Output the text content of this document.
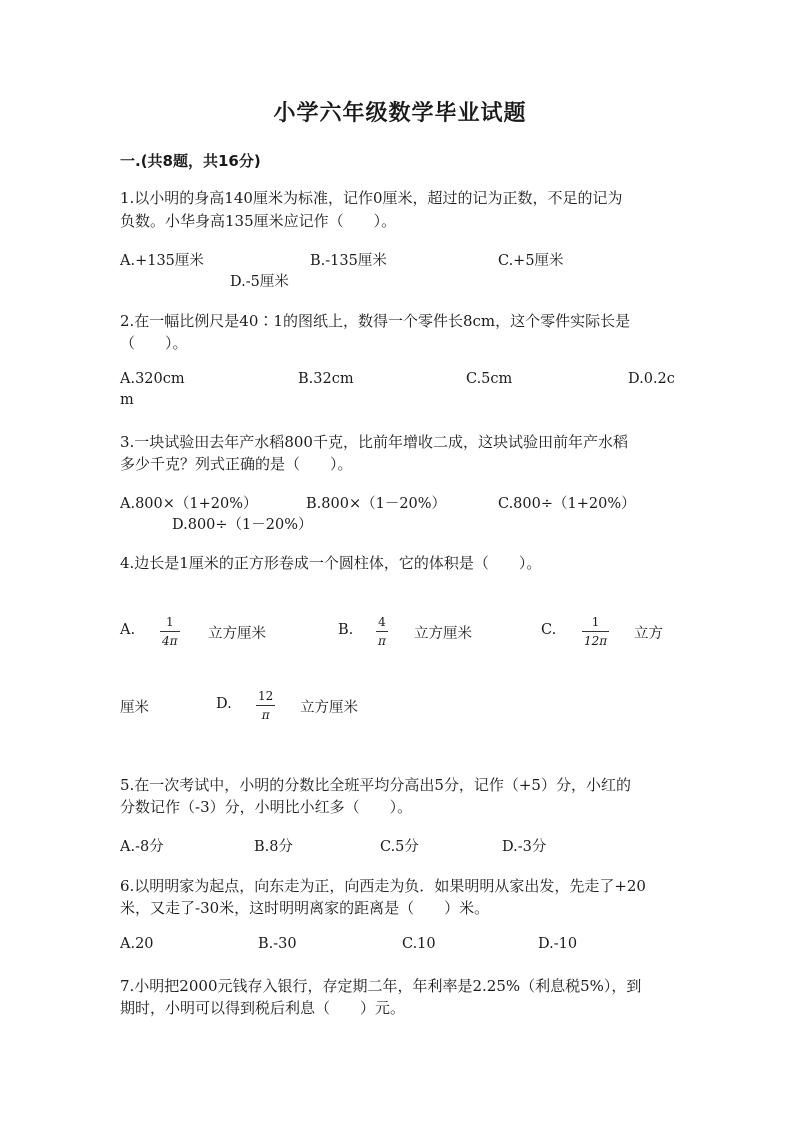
小学六年级数学毕业试题
一.(共8题，共16分)
1.以小明的身高140厘米为标准，记作0厘米，超过的记为正数，不足的记为
负数。小华身高135厘米应记作（　　）。
A.+135厘米	B.-135厘米	C.+5厘米
D.-5厘米
2.在一幅比例尺是40∶1的图纸上，数得一个零件长8cm，这个零件实际长是
（　　）。
A.320cm	B.32cm	C.5cm	D.0.2c
m
3.一块试验田去年产水稻800千克，比前年增收二成，这块试验田前年产水稻
多少千克？列式正确的是（　　）。
A.800×（1+20%）	B.800×（1－20%）	C.800÷（1+20%）
D.800÷（1－20%）
4.边长是1厘米的正方形卷成一个圆柱体，它的体积是（　　）。
A.	1
4π 立方厘米	B. 4
π 立方厘米	C.	1
12π 立方
厘米	D. 12
π 立方厘米
5.在一次考试中，小明的分数比全班平均分高出5分，记作（+5）分，小红的
分数记作（-3）分，小明比小红多（　　）。
A.-8分	B.8分	C.5分	D.-3分
6.以明明家为起点，向东走为正，向西走为负．如果明明从家出发，先走了+20
米，又走了-30米，这时明明离家的距离是（　　）米。
A.20	B.-30	C.10	D.-10
7.小明把2000元钱存入银行，存定期二年，年利率是2.25%（利息税5%），到
期时，小明可以得到税后利息（　　）元。
